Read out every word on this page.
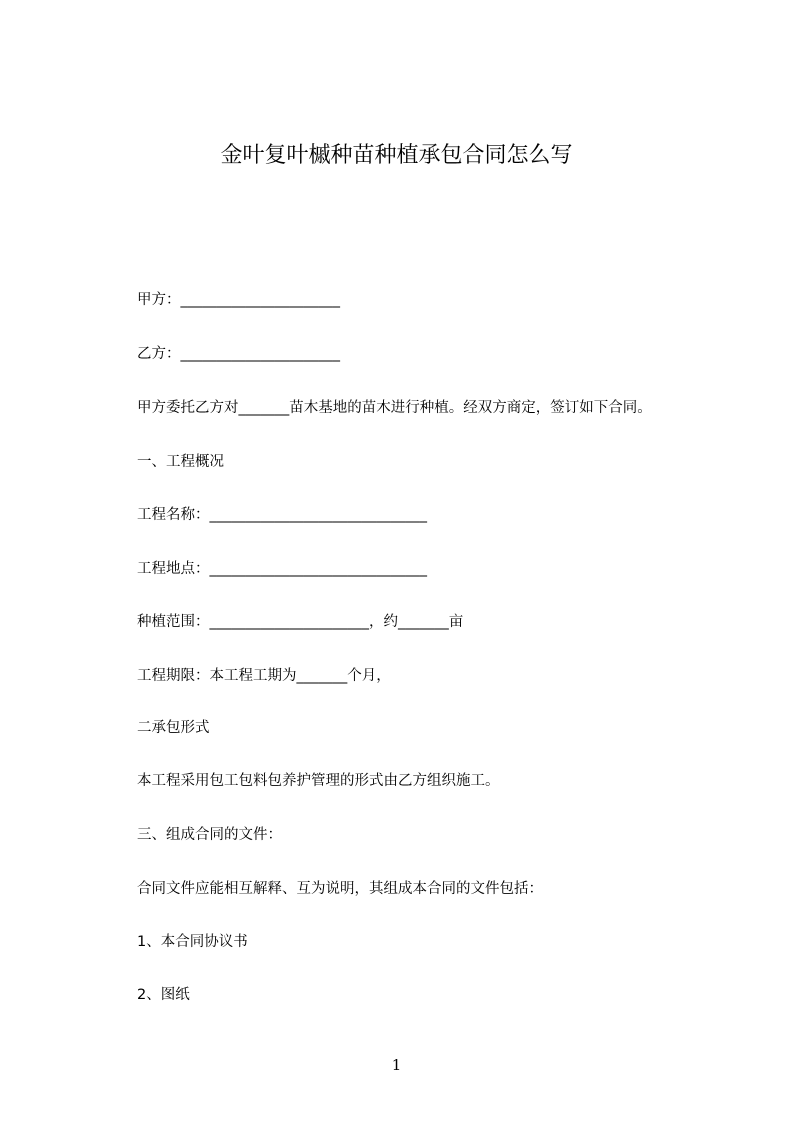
金叶复叶槭种苗种植承包合同怎么写
甲方：______________________
乙方：______________________
甲方委托乙方对_______苗木基地的苗木进行种植。经双方商定，签订如下合同。
一、工程概况
工程名称：______________________________
工程地点：______________________________
种植范围：______________________，约_______亩
工程期限：本工程工期为_______个月，
二承包形式
本工程采用包工包料包养护管理的形式由乙方组织施工。
三、组成合同的文件：
合同文件应能相互解释、互为说明，其组成本合同的文件包括：
1、本合同协议书
2、图纸
1
